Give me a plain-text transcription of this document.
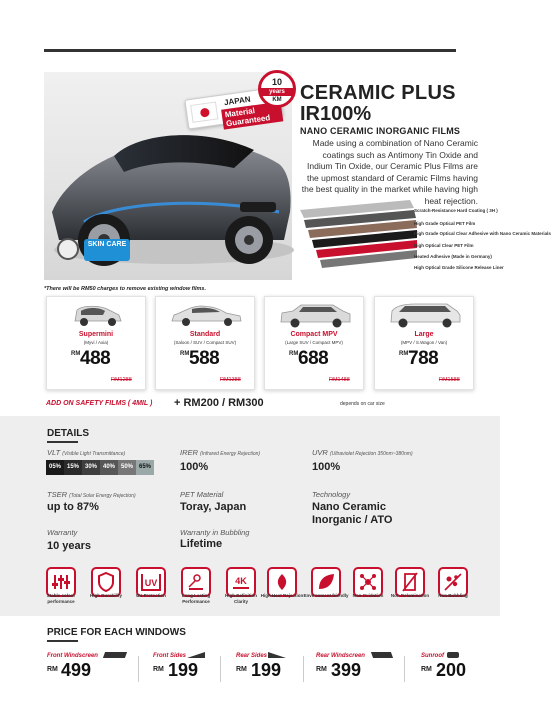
SKIN CARE
JAPAN
Material Guaranteed
10
years
KM CERAMIC PLUS
IR100%
NANO CERAMIC INORGANIC FILMS
Made using a combination of Nano Ceramic coatings such as Antimony Tin Oxide and Indium Tin Oxide, our Ceramic Plus Films are the upmost standard of Ceramic Films having the best quality in the market while having high heat rejection.
Scratch-Resistance Hard Coating ( 3H )
High Grade Optical PET Film
High Grade Optical Clear Adhesive with Nano Ceramic Materials
High Optical Clear PET Film
Heated Adhesive (Made in Germany)
High Optical Grade Silicone Release Liner
*There will be RM50 charges to remove existing window films.
Supermini
(Myvi / Axia)
RM 488
RM1288
Standard
(Saloon / SUV / Compact SUV)
RM 588
RM1388
Compact MPV
(Large SUV / Compact MPV)
RM 688
RM1488
Large
(MPV / S.Wagon / Van)
RM 788
RM1588
ADD ON SAFETY FILMS ( 4MIL ) + RM200 / RM300	depends on car size
DETAILS
VLT (Visible Light Transmittance)
05% 15% 30% 40% 50% 65%
IRER (Infrared Energy Rejection)
100%
UVR (Ultraviolet Rejection 350nm~380nm)
100%
TSER (Total Solar Energy Rejection)
up to 87%
PET Material
Toray, Japan
Technology
Nano Ceramic
Inorganic / ATO
Warranty
10 years
Warranty in Bubbling
Lifetime
Stable colour performance
High Durability
UV
UV Protection	Long Lasting Performance
4K
High Definition Clarity
High Heat Rejection Environment friendly Non Oxidation	Non Delamination	Non Bubbling
PRICE FOR EACH WINDOWS
Front Windscreen
RM 499
Front Sides
RM 199
Rear Sides
RM 199
Rear Windscreen
RM 399
Sunroof
RM 200
